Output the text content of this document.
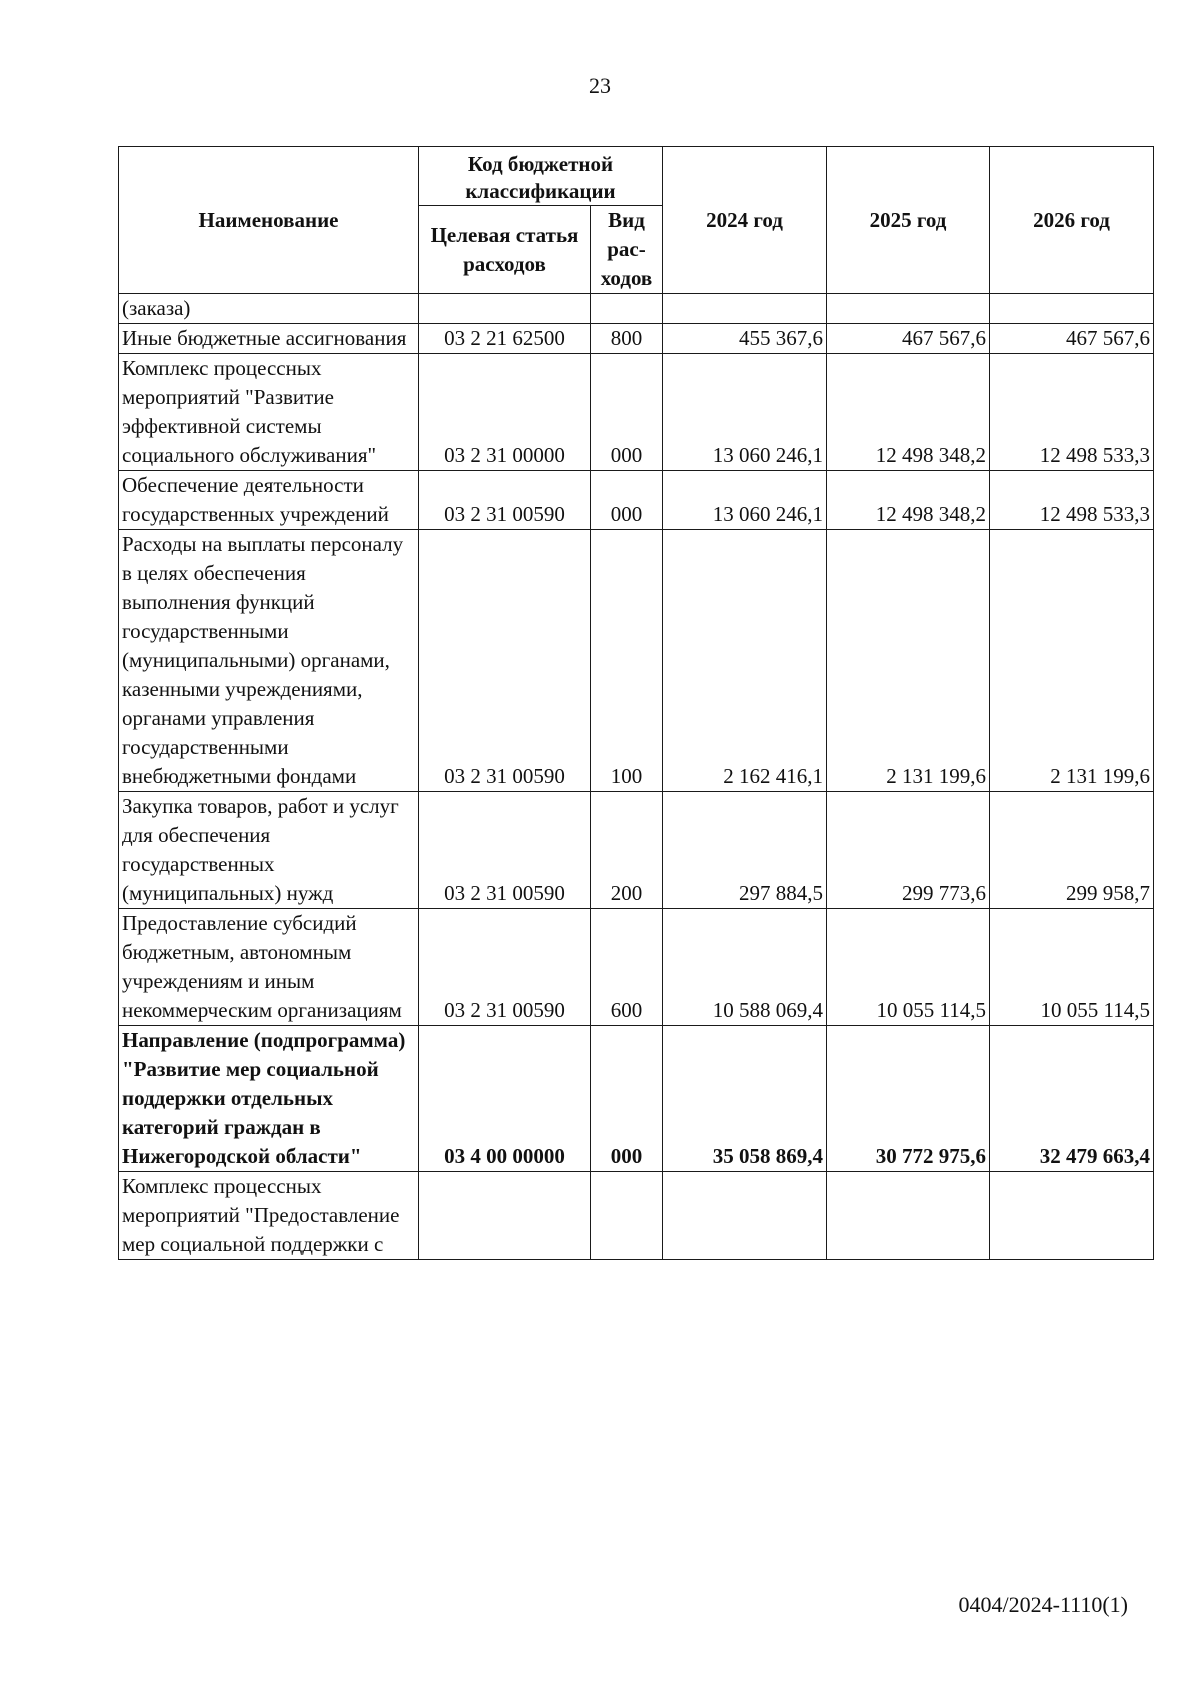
23
Наименование	Код бюджетной классификации		2024 год	2025 год	2026 год
	Целевая статья расходов	Вид рас-ходов			
(заказа)					
Иные бюджетные ассигнования	03 2 21 62500	800	455 367,6	467 567,6	467 567,6
Комплекс процессных мероприятий "Развитие эффективной системы социального обслуживания"	03 2 31 00000	000	13 060 246,1	12 498 348,2	12 498 533,3
Обеспечение деятельности государственных учреждений	03 2 31 00590	000	13 060 246,1	12 498 348,2	12 498 533,3
Расходы на выплаты персоналу в целях обеспечения выполнения функций государственными (муниципальными) органами, казенными учреждениями, органами управления государственными внебюджетными фондами	03 2 31 00590	100	2 162 416,1	2 131 199,6	2 131 199,6
Закупка товаров, работ и услуг для обеспечения государственных (муниципальных) нужд	03 2 31 00590	200	297 884,5	299 773,6	299 958,7
Предоставление субсидий бюджетным, автономным учреждениям и иным некоммерческим организациям	03 2 31 00590	600	10 588 069,4	10 055 114,5	10 055 114,5
Направление (подпрограмма) "Развитие мер социальной поддержки отдельных категорий граждан в Нижегородской области"	03 4 00 00000	000	35 058 869,4	30 772 975,6	32 479 663,4
Комплекс процессных мероприятий "Предоставление мер социальной поддержки с					
0404/2024-1110(1)
